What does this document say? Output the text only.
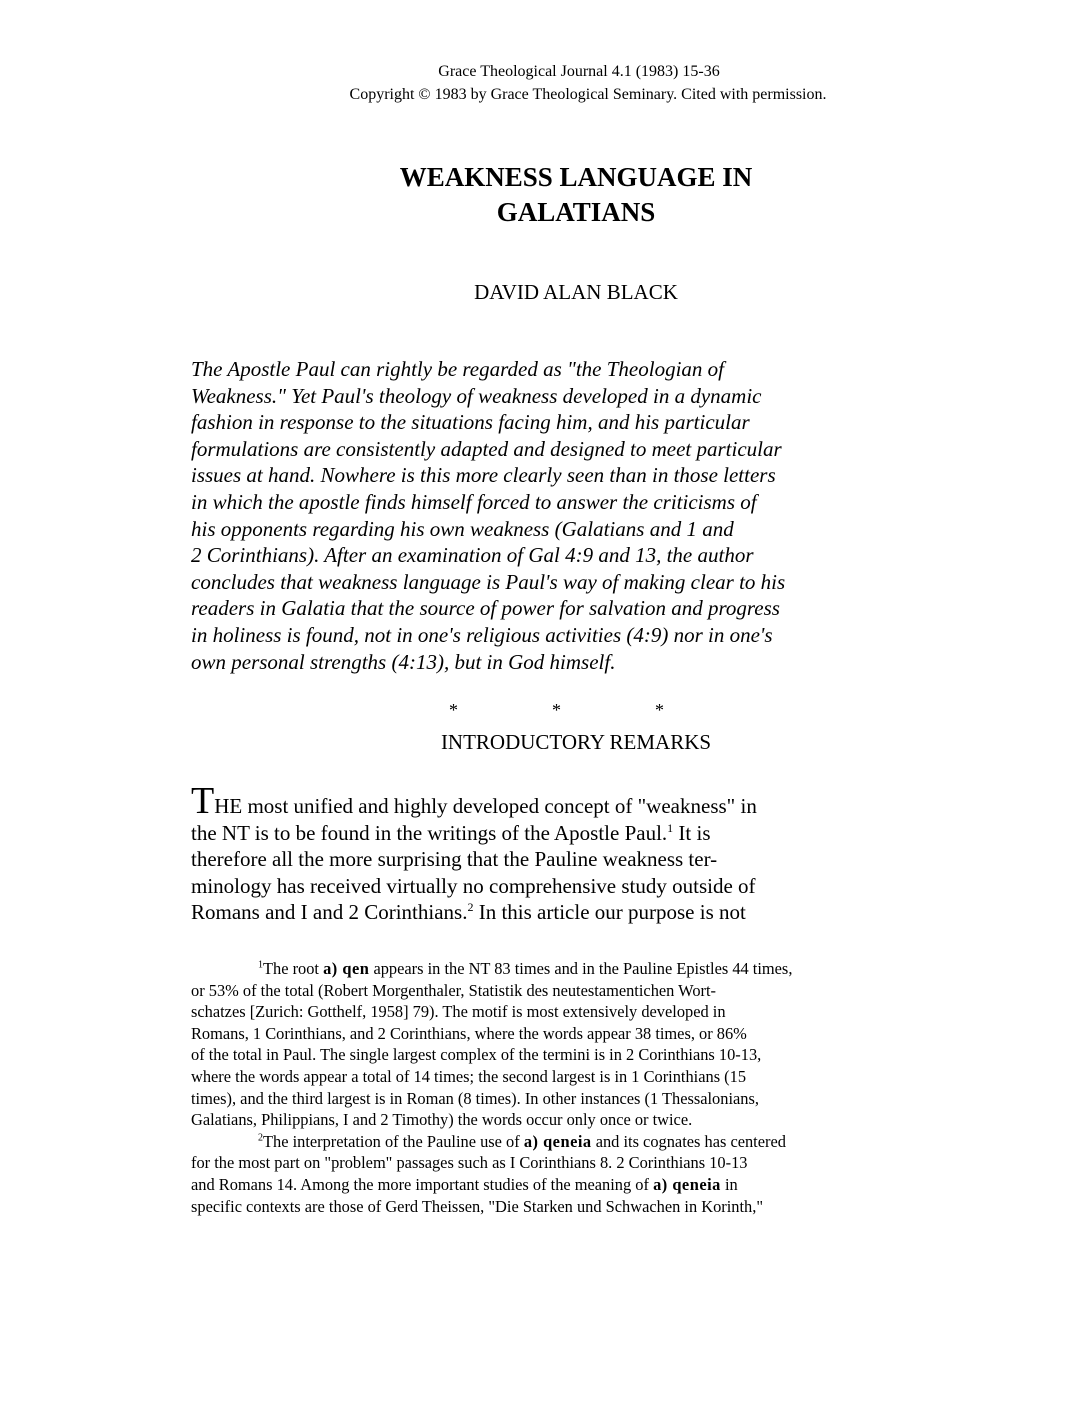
Grace Theological Journal 4.1 (1983) 15-36
Copyright © 1983 by Grace Theological Seminary. Cited with permission.
WEAKNESS LANGUAGE IN
GALATIANS
DAVID ALAN BLACK
The Apostle Paul can rightly be regarded as "the Theologian of
Weakness." Yet Paul's theology of weakness developed in a dynamic
fashion in response to the situations facing him, and his particular
formulations are consistently adapted and designed to meet particular
issues at hand. Nowhere is this more clearly seen than in those letters
in which the apostle finds himself forced to answer the criticisms of
his opponents regarding his own weakness (Galatians and 1 and
2 Corinthians). After an examination of Gal 4:9 and 13, the author
concludes that weakness language is Paul's way of making clear to his
readers in Galatia that the source of power for salvation and progress
in holiness is found, not in one's religious activities (4:9) nor in one's
own personal strengths (4:13), but in God himself.
*	*	*
INTRODUCTORY REMARKS
THE most unified and highly developed concept of "weakness" in
the NT is to be found in the writings of the Apostle Paul.$^1$ It is
therefore all the more surprising that the Pauline weakness ter-
minology has received virtually no comprehensive study outside of
Romans and I and 2 Corinthians.$^2$ In this article our purpose is not
$^1$The root a) qen appears in the NT 83 times and in the Pauline Epistles 44 times,
or 53% of the total (Robert Morgenthaler, Statistik des neutestamentichen Wort-
schatzes [Zurich: Gotthelf, 1958] 79). The motif is most extensively developed in
Romans, 1 Corinthians, and 2 Corinthians, where the words appear 38 times, or 86%
of the total in Paul. The single largest complex of the termini is in 2 Corinthians 10-13,
where the words appear a total of 14 times; the second largest is in 1 Corinthians (15
times), and the third largest is in Roman (8 times). In other instances (1 Thessalonians,
Galatians, Philippians, I and 2 Timothy) the words occur only once or twice.
$^2$The interpretation of the Pauline use of a) qeneia and its cognates has centered
for the most part on "problem" passages such as I Corinthians 8. 2 Corinthians 10-13
and Romans 14. Among the more important studies of the meaning of a) qeneia in
specific contexts are those of Gerd Theissen, "Die Starken und Schwachen in Korinth,"
